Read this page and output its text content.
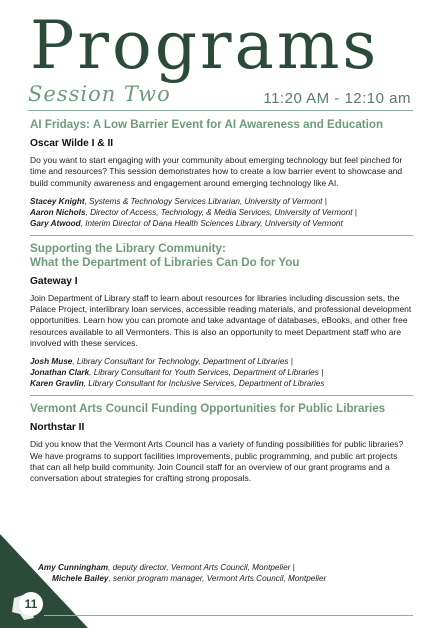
Programs
Session Two	11:20 AM - 12:10 am
AI Fridays: A Low Barrier Event for AI Awareness and Education
Oscar Wilde I & II

Do you want to start engaging with your community about emerging technology but feel pinched for time and resources? This session demonstrates how to create a low barrier event to showcase and build community awareness and engagement around emerging technology like AI.

Stacey Knight, Systems & Technology Services Librarian, University of Vermont |
Aaron Nichols, Director of Access, Technology, & Media Services, University of Vermont |
Gary Atwood, Interim Director of Dana Health Sciences Library, University of Vermont
Supporting the Library Community:
What the Department of Libraries Can Do for You
Gateway I

Join Department of Library staff to learn about resources for libraries including discussion sets, the Palace Project, interlibrary loan services, accessible reading materials, and professional development opportunities. Learn how you can promote and take advantage of databases, eBooks, and other free resources available to all Vermonters. This is also an opportunity to meet Department staff who are involved with these services.

Josh Muse, Library Consultant for Technology, Department of Libraries |
Jonathan Clark, Library Consultant for Youth Services, Department of Libraries |
Karen Gravlin, Library Consultant for Inclusive Services, Department of Libraries
Vermont Arts Council Funding Opportunities for Public Libraries
Northstar II

Did you know that the Vermont Arts Council has a variety of funding possibilities for public libraries? We have programs to support facilities improvements, public programming, and public art projects that can all help build community. Join Council staff for an overview of our grant programs and a conversation about strategies for crafting strong proposals.

Amy Cunningham, deputy director, Vermont Arts Council, Montpelier |
Michele Bailey, senior program manager, Vermont Arts Council, Montpelier
11
